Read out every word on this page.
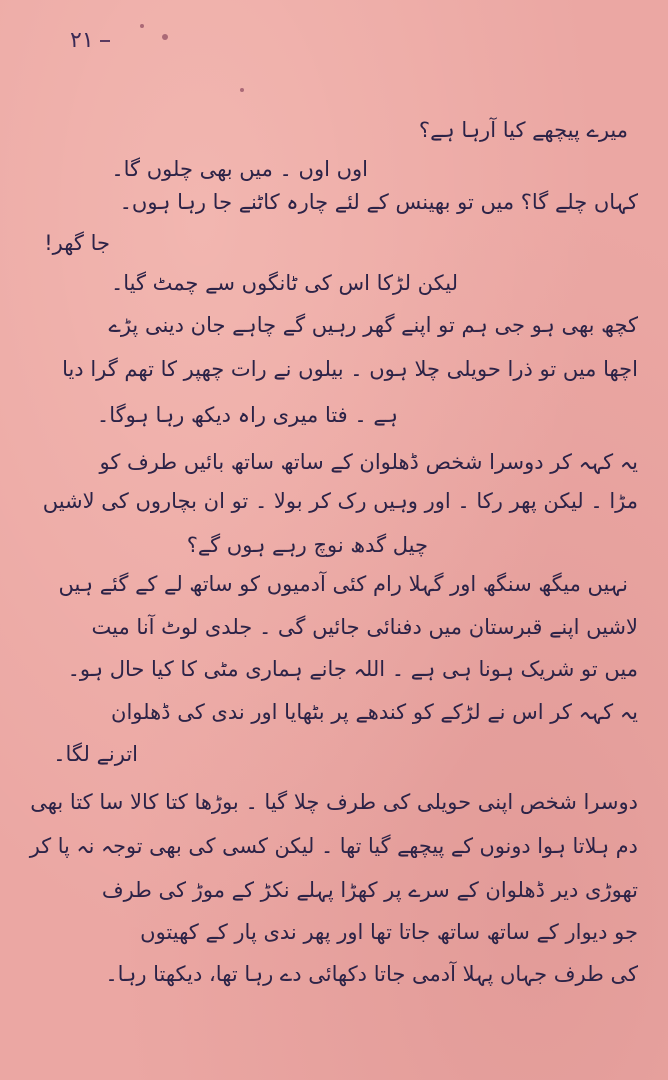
۲۱
میرے پیچھے کیا آرہا ہے؟
اوں اوں ۔ میں بھی چلوں گا۔
کہاں چلے گا؟ میں تو بھینس کے لئے چارہ کاٹنے جا رہا ہوں۔
جا گھر!
لیکن لڑکا اس کی ٹانگوں سے چمٹ گیا۔
کچھ بھی ہو جی ہم تو اپنے گھر رہیں گے چاہے جان دینی پڑے
اچھا میں تو ذرا حویلی چلا ہوں ۔ بیلوں نے رات چھپر کا تھم گرا دیا
ہے ۔ فتا میری راہ دیکھ رہا ہوگا۔
یہ کہہ کر دوسرا شخص ڈھلوان کے ساتھ ساتھ بائیں طرف کو
مڑا ۔ لیکن پھر رکا ۔ اور وہیں رک کر بولا ۔ تو ان بچاروں کی لاشیں
چیل گدھ نوچ رہے ہوں گے؟
نہیں میگھ سنگھ اور گہلا رام کئی آدمیوں کو ساتھ لے کے گئے ہیں
لاشیں اپنے قبرستان میں دفنائی جائیں گی ۔ جلدی لوٹ آنا میت
میں تو شریک ہونا ہی ہے ۔ اللہ جانے ہماری مٹی کا کیا حال ہو۔
یہ کہہ کر اس نے لڑکے کو کندھے پر بٹھایا اور ندی کی ڈھلوان
اترنے لگا۔
دوسرا شخص اپنی حویلی کی طرف چلا گیا ۔ بوڑھا کتا کالا سا کتا بھی
دم ہلاتا ہوا دونوں کے پیچھے گیا تھا ۔ لیکن کسی کی بھی توجہ نہ پا کر
تھوڑی دیر ڈھلوان کے سرے پر کھڑا پہلے نکڑ کے موڑ کی طرف
جو دیوار کے ساتھ ساتھ جاتا تھا اور پھر ندی پار کے کھیتوں
کی طرف جہاں پہلا آدمی جاتا دکھائی دے رہا تھا، دیکھتا رہا۔
